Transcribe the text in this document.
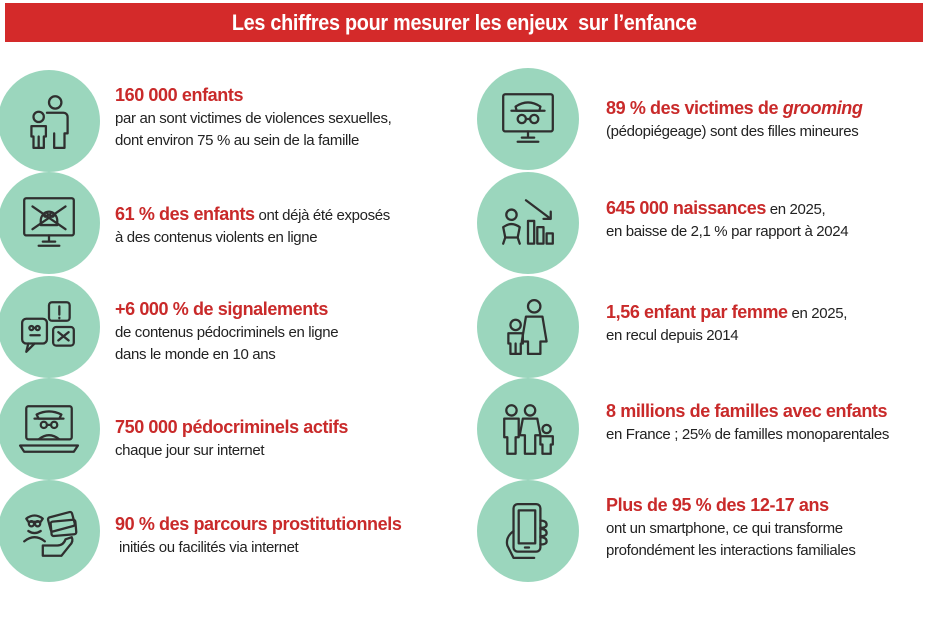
Les chiffres pour mesurer les enjeux  sur l’enfance
160 000 enfants
par an sont victimes de violences sexuelles,
dont environ 75 % au sein de la famille
61 % des enfants ont déjà été exposés
à des contenus violents en ligne
+6 000 % de signalements
de contenus pédocriminels en ligne
dans le monde en 10 ans
750 000 pédocriminels actifs
chaque jour sur internet
90 % des parcours prostitutionnels
initiés ou facilités via internet
89 % des victimes de grooming
(pédopiégeage) sont des filles mineures
645 000 naissances en 2025,
en baisse de 2,1 % par rapport à 2024
1,56 enfant par femme en 2025,
en recul depuis 2014
8 millions de familles avec enfants
en France ; 25% de familles monoparentales
Plus de 95 % des 12-17 ans
ont un smartphone, ce qui transforme
profondément les interactions familiales
